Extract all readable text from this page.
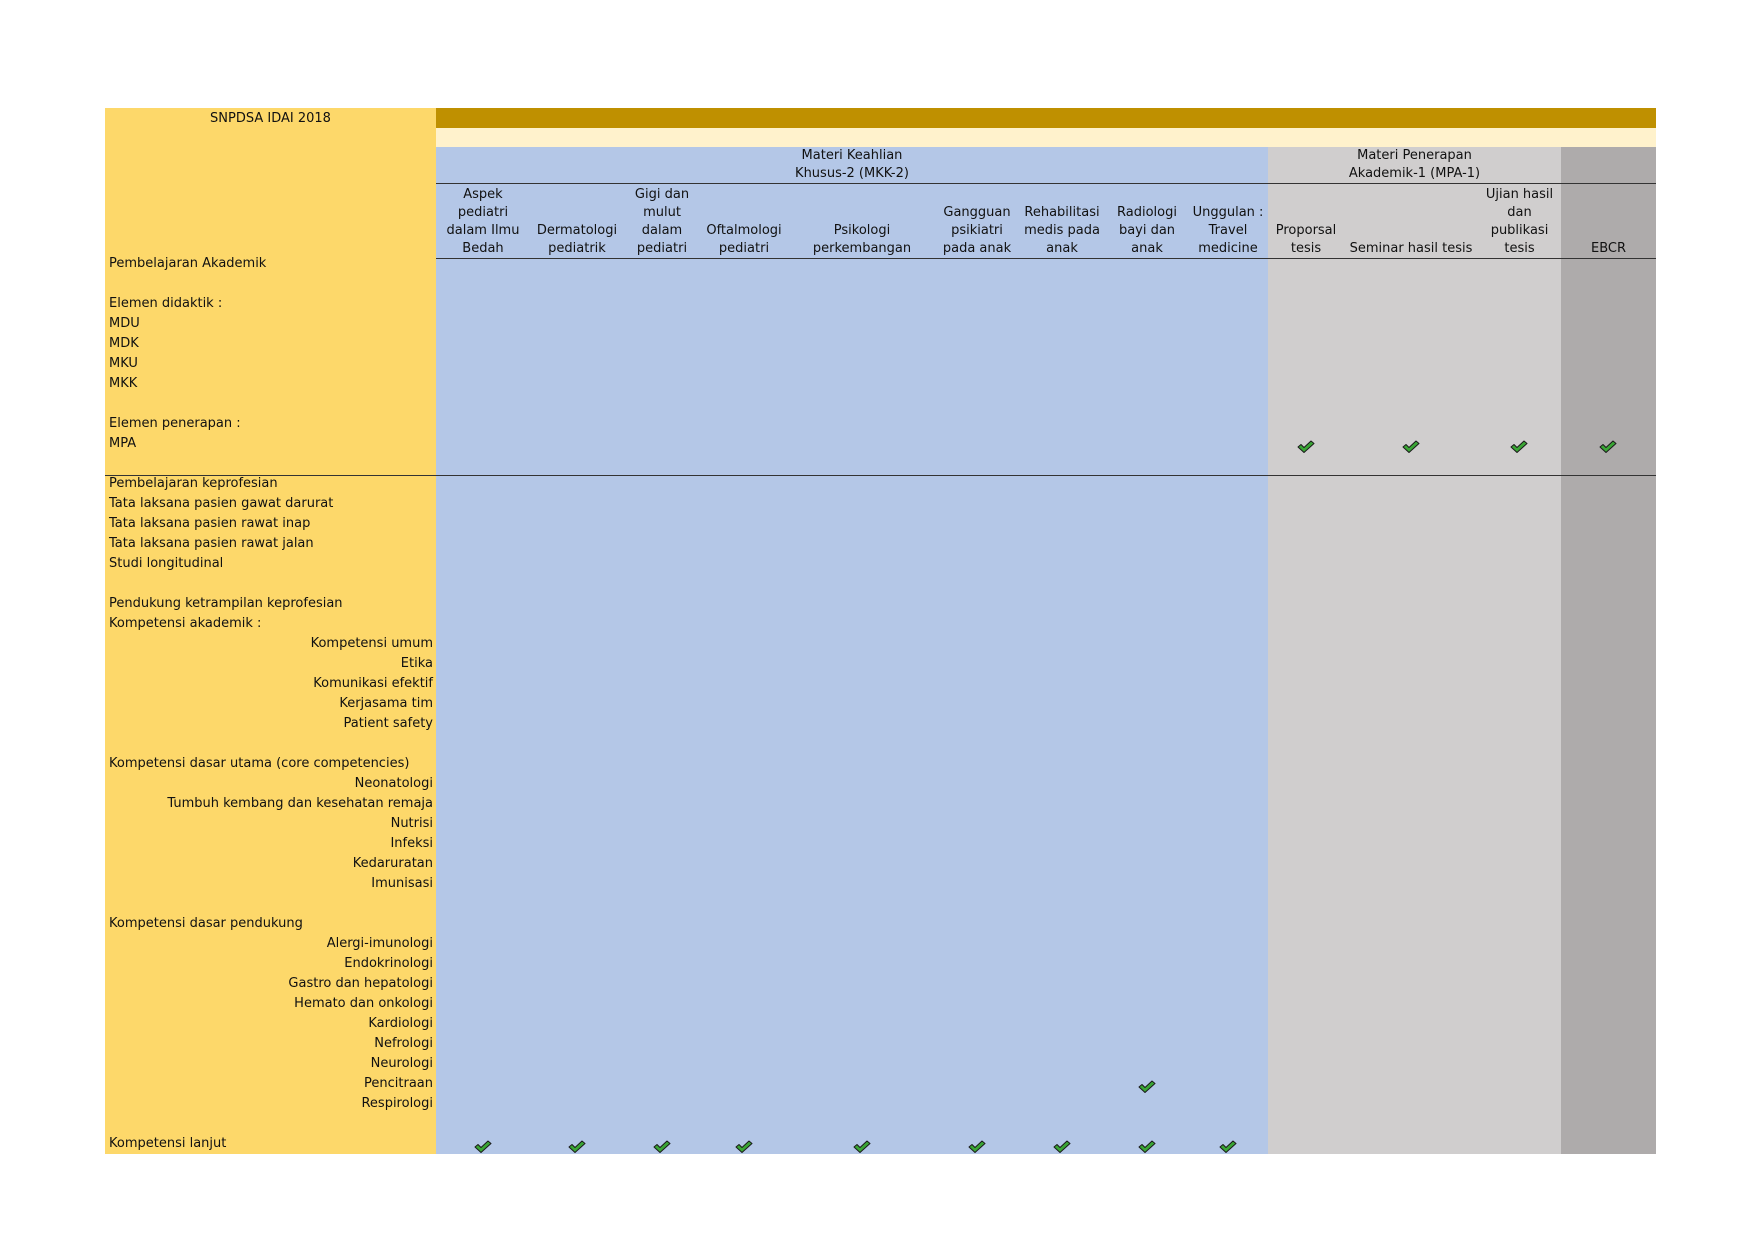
SNPDSA IDAI 2018
Materi Keahlian
Khusus-2 (MKK-2)
Materi Penerapan
Akademik-1 (MPA-1)
Aspek
pediatri
dalam Ilmu
Bedah
Dermatologi
pediatrik
Gigi dan
mulut
dalam
pediatri
Oftalmologi
pediatri
Psikologi
perkembangan
Gangguan
psikiatri
pada anak
Rehabilitasi
medis pada
anak
Radiologi
bayi dan
anak
Unggulan :
Travel
medicine
Proporsal
tesis	Seminar hasil tesis
Ujian hasil
dan
publikasi
tesis	EBCR
Pembelajaran Akademik
Elemen didaktik :
MDU
MDK
MKU
MKK
Elemen penerapan :
MPA
Pembelajaran keprofesian
Tata laksana pasien gawat darurat
Tata laksana pasien rawat inap
Tata laksana pasien rawat jalan
Studi longitudinal
Pendukung ketrampilan keprofesian
Kompetensi akademik :
Kompetensi umum
Etika
Komunikasi efektif
Kerjasama tim
Patient safety
Kompetensi dasar utama (core competencies)
Neonatologi
Tumbuh kembang dan kesehatan remaja
Nutrisi
Infeksi
Kedaruratan
Imunisasi
Kompetensi dasar pendukung
Alergi-imunologi
Endokrinologi
Gastro dan hepatologi
Hemato dan onkologi
Kardiologi
Nefrologi
Neurologi
Pencitraan
Respirologi
Kompetensi lanjut
